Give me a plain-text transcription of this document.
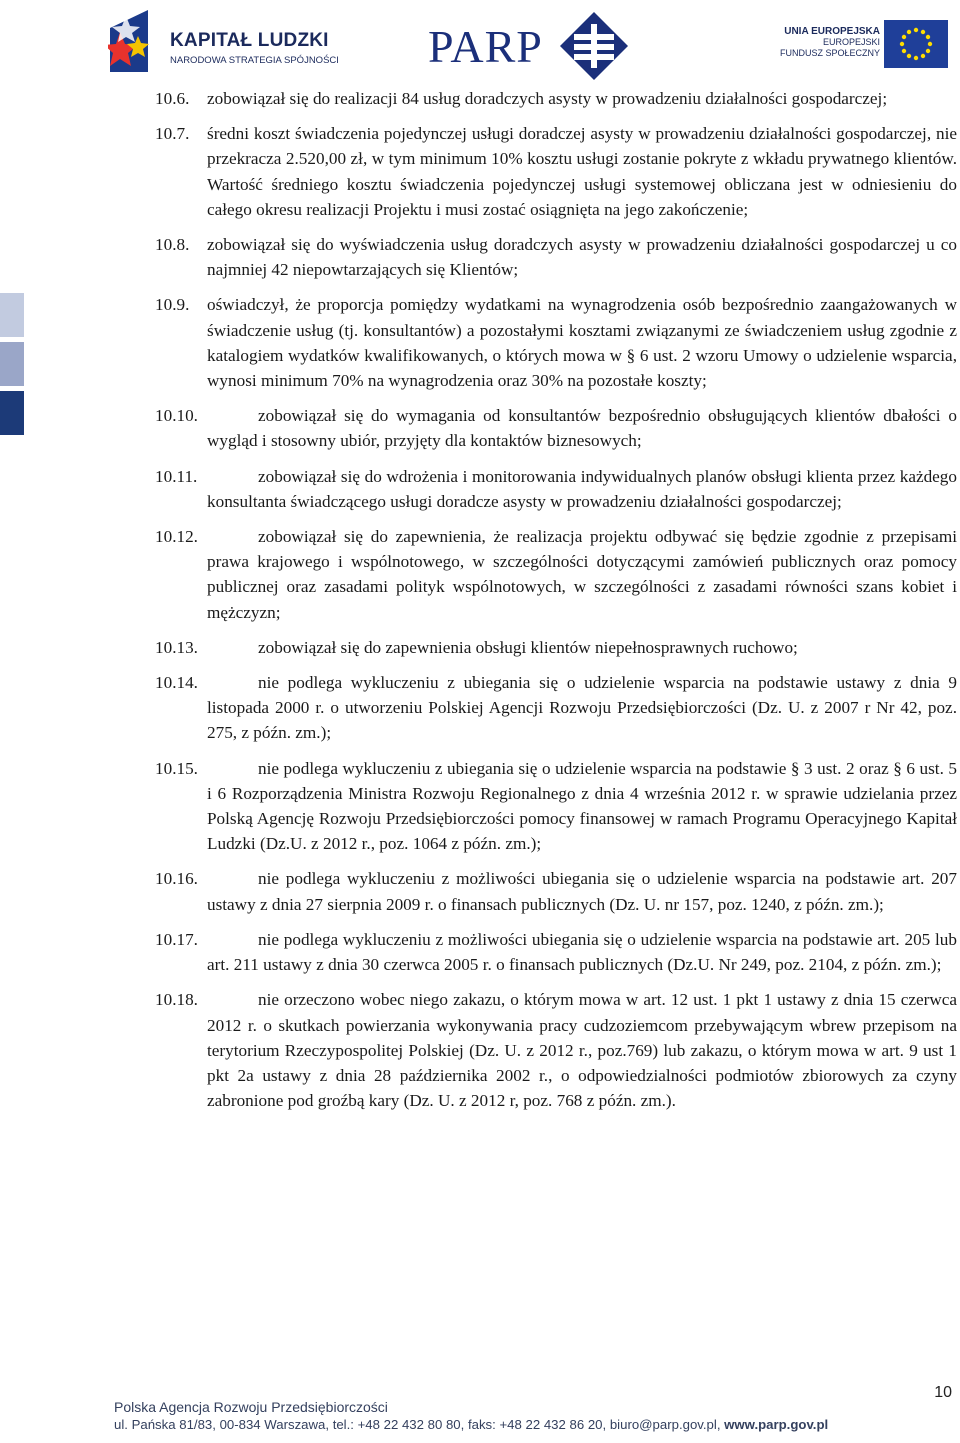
KAPITAŁ LUDZKI
NARODOWA STRATEGIA SPÓJNOŚCI PARP	UNIA EUROPEJSKA
EUROPEJSKI
FUNDUSZ SPOŁECZNY
10.6. zobowiązał się do realizacji 84 usług doradczych asysty w prowadzeniu działalności gospodarczej;
10.7. średni koszt świadczenia pojedynczej usługi doradczej asysty w prowadzeniu działalności gospodarczej, nie przekracza 2.520,00 zł, w tym minimum 10% kosztu usługi zostanie pokryte z wkładu prywatnego klientów. Wartość średniego kosztu świadczenia pojedynczej usługi systemowej obliczana jest w odniesieniu do całego okresu realizacji Projektu i musi zostać osiągnięta na jego zakończenie;
10.8. zobowiązał się do wyświadczenia usług doradczych asysty w prowadzeniu działalności gospodarczej u co najmniej 42 niepowtarzających się Klientów;
10.9. oświadczył, że proporcja pomiędzy wydatkami na wynagrodzenia osób bezpośrednio zaangażowanych w świadczenie usług (tj. konsultantów) a pozostałymi kosztami związanymi ze świadczeniem usług zgodnie z katalogiem wydatków kwalifikowanych, o których mowa w § 6 ust. 2 wzoru Umowy o udzielenie wsparcia, wynosi minimum 70% na wynagrodzenia oraz 30% na pozostałe koszty;
10.10.	zobowiązał się do wymagania od konsultantów bezpośrednio obsługujących klientów dbałości o wygląd i stosowny ubiór, przyjęty dla kontaktów biznesowych;
10.11.	zobowiązał się do wdrożenia i monitorowania indywidualnych planów obsługi klienta przez każdego konsultanta świadczącego usługi doradcze asysty w prowadzeniu działalności gospodarczej;
10.12.	zobowiązał się do zapewnienia, że realizacja projektu odbywać się będzie zgodnie z przepisami prawa krajowego i wspólnotowego, w szczególności dotyczącymi zamówień publicznych oraz pomocy publicznej oraz zasadami polityk wspólnotowych, w szczególności z zasadami równości szans kobiet i mężczyzn;
10.13.	zobowiązał się do zapewnienia obsługi klientów niepełnosprawnych ruchowo;
10.14.	nie podlega wykluczeniu z ubiegania się o udzielenie wsparcia na podstawie ustawy z dnia 9 listopada 2000 r. o utworzeniu Polskiej Agencji Rozwoju Przedsiębiorczości (Dz. U. z 2007 r Nr 42, poz. 275, z późn. zm.);
10.15.	nie podlega wykluczeniu z ubiegania się o udzielenie wsparcia na podstawie § 3 ust. 2 oraz § 6 ust. 5 i 6 Rozporządzenia Ministra Rozwoju Regionalnego z dnia 4 września 2012 r. w sprawie udzielania przez Polską Agencję Rozwoju Przedsiębiorczości pomocy finansowej w ramach Programu Operacyjnego Kapitał Ludzki (Dz.U. z 2012 r., poz. 1064 z późn. zm.);
10.16.	nie podlega wykluczeniu z możliwości ubiegania się o udzielenie wsparcia na podstawie art. 207 ustawy z dnia 27 sierpnia 2009 r. o finansach publicznych (Dz. U. nr 157, poz. 1240, z późn. zm.);
10.17.	nie podlega wykluczeniu z możliwości ubiegania się o udzielenie wsparcia na podstawie art. 205 lub art. 211 ustawy z dnia 30 czerwca 2005 r. o finansach publicznych (Dz.U. Nr 249, poz. 2104, z późn. zm.);
10.18.	nie orzeczono wobec niego zakazu, o którym mowa w art. 12 ust. 1 pkt 1 ustawy z dnia 15 czerwca 2012 r. o skutkach powierzania wykonywania pracy cudzoziemcom przebywającym wbrew przepisom na terytorium Rzeczypospolitej Polskiej (Dz. U. z 2012 r., poz.769) lub zakazu, o którym mowa w art. 9 ust 1 pkt 2a ustawy z dnia 28 października 2002 r., o odpowiedzialności podmiotów zbiorowych za czyny zabronione pod groźbą kary (Dz. U. z 2012 r, poz. 768 z późn. zm.).
10
Polska Agencja Rozwoju Przedsiębiorczości
ul. Pańska 81/83, 00-834 Warszawa, tel.: +48 22 432 80 80, faks: +48 22 432 86 20, biuro@parp.gov.pl, www.parp.gov.pl
